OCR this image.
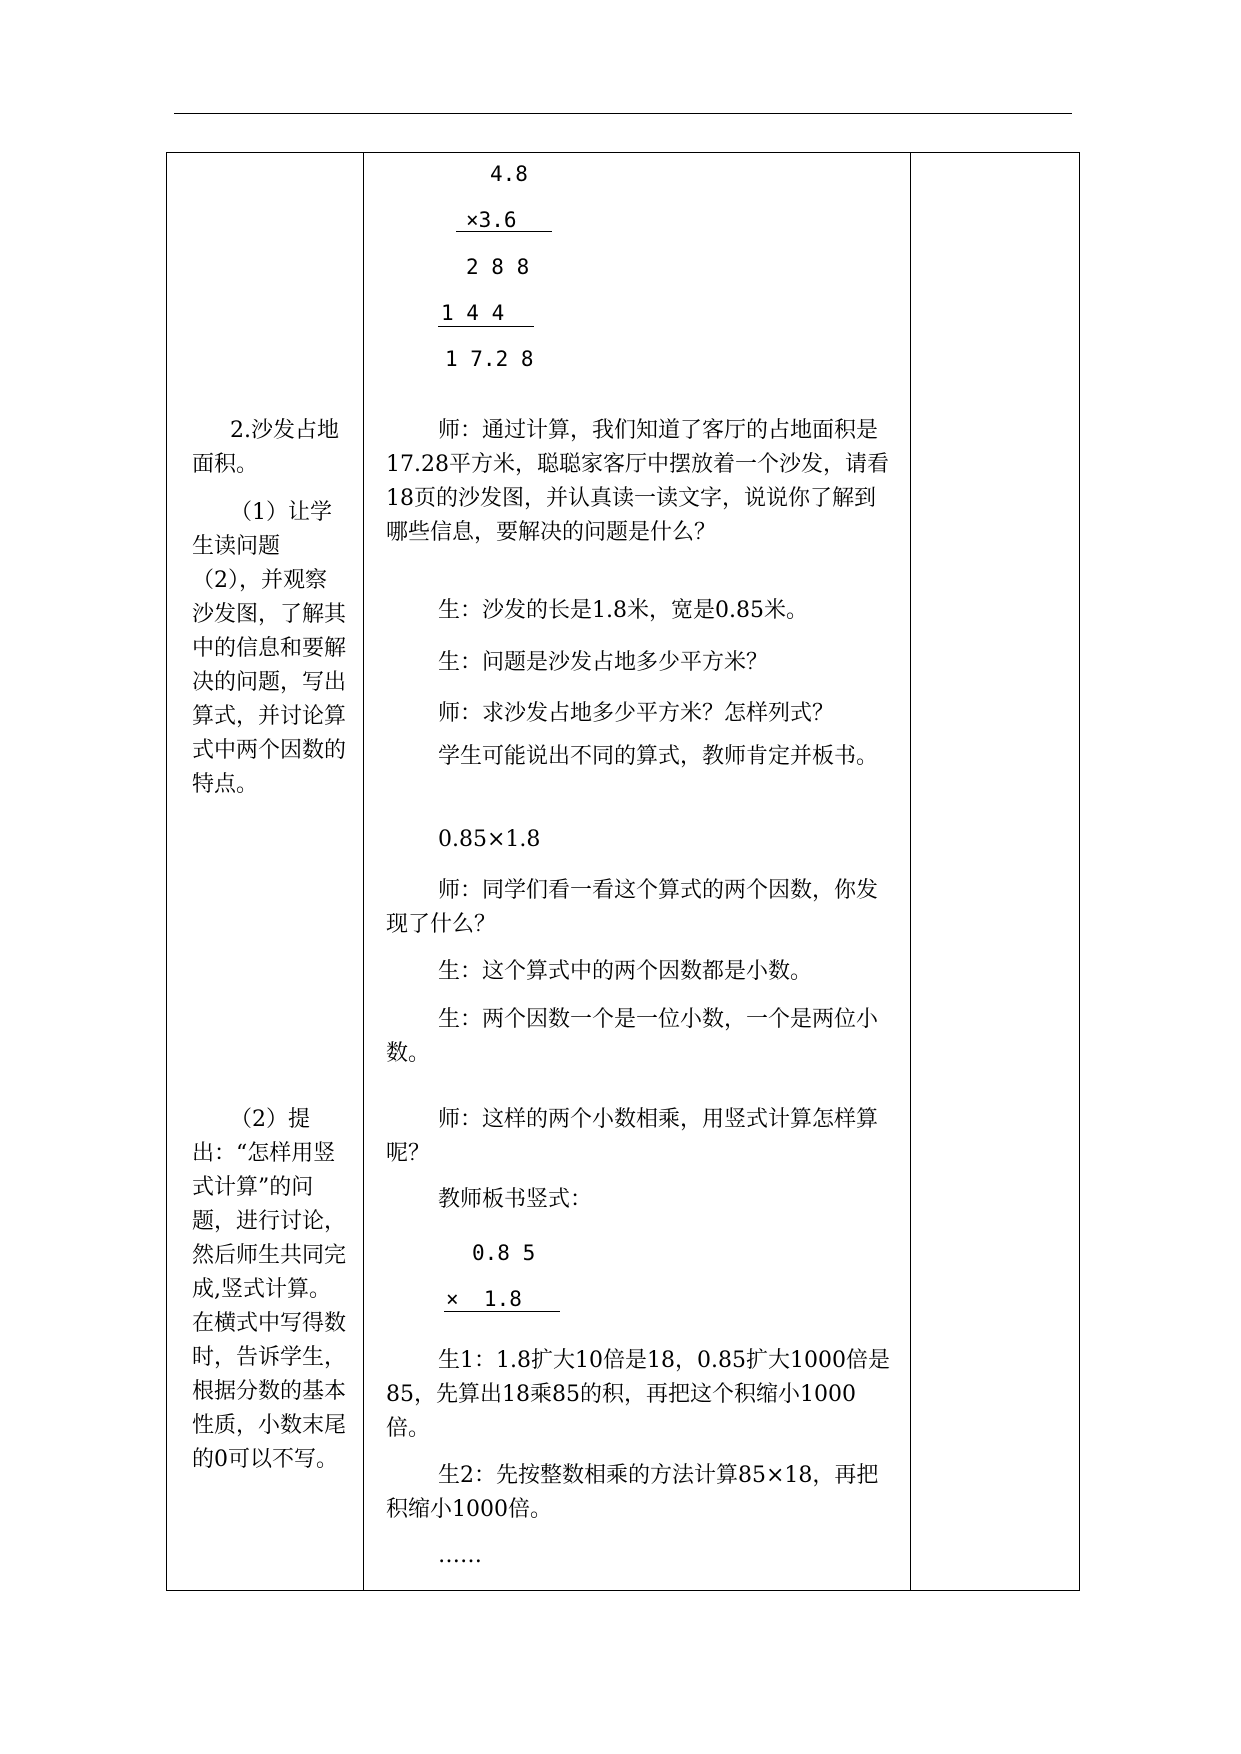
4.8
×3.6
2 8 8
1 4 4
1 7.2 8

2.沙发占地面积。

（1）让学生读问题（2），并观察沙发图，了解其中的信息和要解决的问题，写出算式，并讨论算式中两个因数的特点。

（2）提出：“怎样用竖式计算”的问题，进行讨论，然后师生共同完成,竖式计算。在横式中写得数时，告诉学生，根据分数的基本性质，小数末尾的0可以不写。

师：通过计算，我们知道了客厅的占地面积是17.28平方米，聪聪家客厅中摆放着一个沙发，请看18页的沙发图，并认真读一读文字，说说你了解到哪些信息，要解决的问题是什么？

生：沙发的长是1.8米，宽是0.85米。

生：问题是沙发占地多少平方米？

师：求沙发占地多少平方米？怎样列式？

学生可能说出不同的算式，教师肯定并板书。

0.85×1.8

师：同学们看一看这个算式的两个因数，你发现了什么？

生：这个算式中的两个因数都是小数。

生：两个因数一个是一位小数，一个是两位小数。

师：这样的两个小数相乘，用竖式计算怎样算呢？

教师板书竖式：

0.8 5
×  1.8

生1：1.8扩大10倍是18，0.85扩大1000倍是85，先算出18乘85的积，再把这个积缩小1000倍。

生2：先按整数相乘的方法计算85×18，再把积缩小1000倍。

……
